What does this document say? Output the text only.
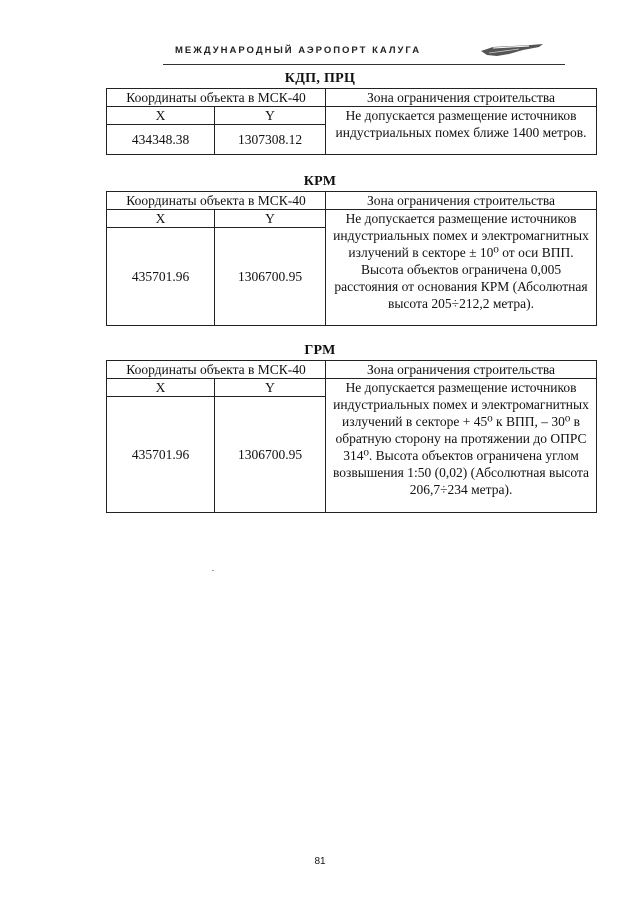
МЕЖДУНАРОДНЫЙ АЭРОПОРТ КАЛУГА
КДП, ПРЦ
Координаты объекта в МСК-40		Зона ограничения строительства
X	Y	Не допускается размещение источников индустриальных помех ближе 1400 метров.
434348.38	1307308.12	
КРМ
Координаты объекта в МСК-40		Зона ограничения строительства
X	Y	Не допускается размещение источников индустриальных помех и электромагнитных излучений в секторе ± 10⁰ от оси ВПП. Высота объектов ограничена 0,005 расстояния от основания КРМ (Абсолютная высота 205÷212,2 метра).
435701.96	1306700.95	
ГРМ
Координаты объекта в МСК-40		Зона ограничения строительства
X	Y	Не допускается размещение источников индустриальных помех и электромагнитных излучений в секторе + 45⁰ к ВПП, – 30⁰ в обратную сторону на протяжении до ОПРС 314⁰. Высота объектов ограничена углом возвышения 1:50 (0,02) (Абсолютная высота 206,7÷234 метра).
435701.96	1306700.95	
81
